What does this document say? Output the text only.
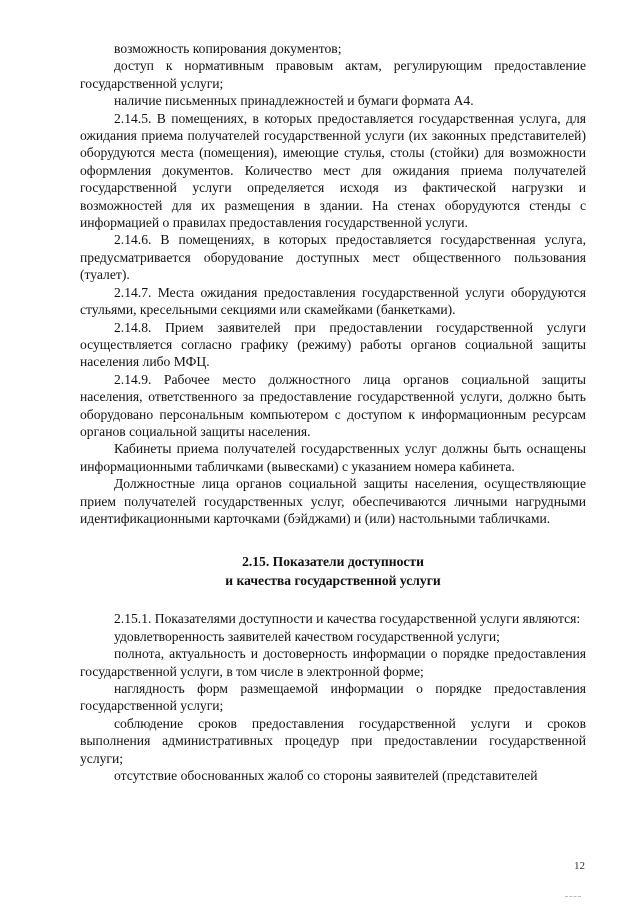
возможность копирования документов;

доступ к нормативным правовым актам, регулирующим предоставление государственной услуги;

наличие письменных принадлежностей и бумаги формата А4.

2.14.5. В помещениях, в которых предоставляется государственная услуга, для ожидания приема получателей государственной услуги (их законных представителей) оборудуются места (помещения), имеющие стулья, столы (стойки) для возможности оформления документов. Количество мест для ожидания приема получателей государственной услуги определяется исходя из фактической нагрузки и возможностей для их размещения в здании. На стенах оборудуются стенды с информацией о правилах предоставления государственной услуги.

2.14.6. В помещениях, в которых предоставляется государственная услуга, предусматривается оборудование доступных мест общественного пользования (туалет).

2.14.7. Места ожидания предоставления государственной услуги оборудуются стульями, кресельными секциями или скамейками (банкетками).

2.14.8. Прием заявителей при предоставлении государственной услуги осуществляется согласно графику (режиму) работы органов социальной защиты населения либо МФЦ.

2.14.9. Рабочее место должностного лица органов социальной защиты населения, ответственного за предоставление государственной услуги, должно быть оборудовано персональным компьютером с доступом к информационным ресурсам органов социальной защиты населения.

Кабинеты приема получателей государственных услуг должны быть оснащены информационными табличками (вывесками) с указанием номера кабинета.

Должностные лица органов социальной защиты населения, осуществляющие прием получателей государственных услуг, обеспечиваются личными нагрудными идентификационными карточками (бэйджами) и (или) настольными табличками.

2.15. Показатели доступности
и качества государственной услуги

2.15.1. Показателями доступности и качества государственной услуги являются:

удовлетворенность заявителей качеством государственной услуги;

полнота, актуальность и достоверность информации о порядке предоставления государственной услуги, в том числе в электронной форме;

наглядность форм размещаемой информации о порядке предоставления государственной услуги;

соблюдение сроков предоставления государственной услуги и сроков выполнения административных процедур при предоставлении государственной услуги;

отсутствие обоснованных жалоб со стороны заявителей (представителей

12
